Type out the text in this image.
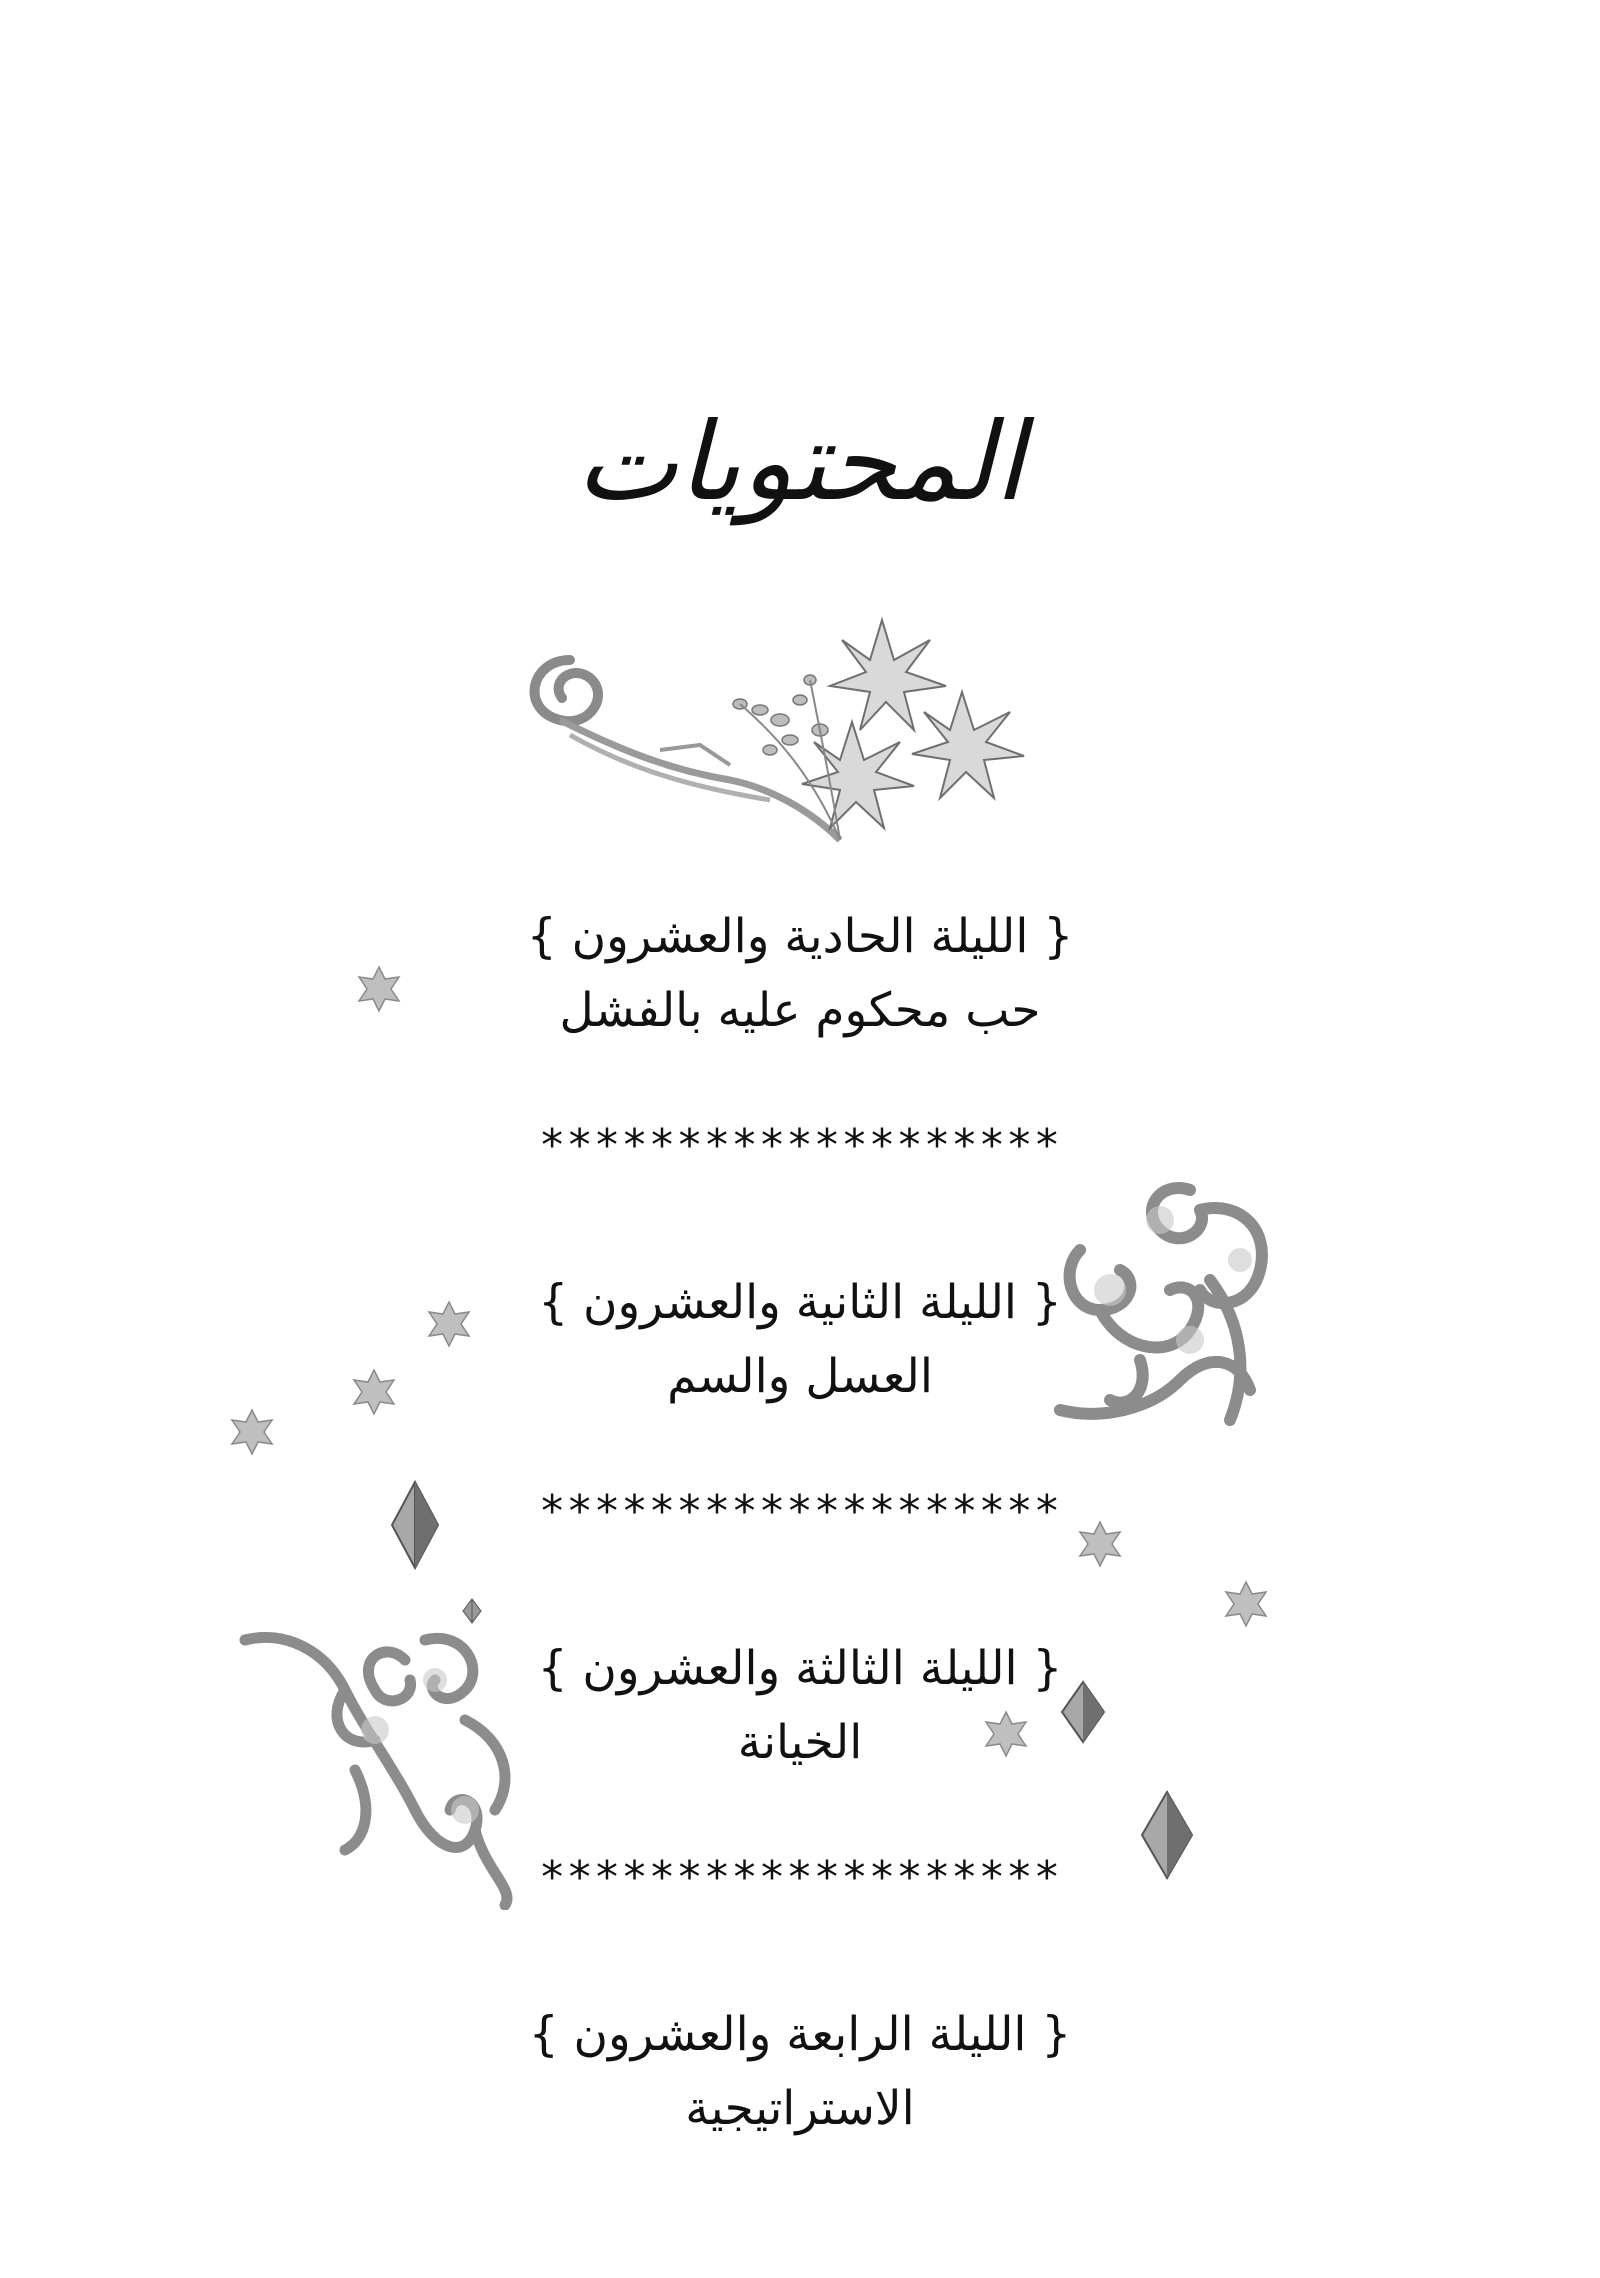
المحتويات
{ الليلة الحادية والعشرون }
حب محكوم عليه بالفشل
*******************
{ الليلة الثانية والعشرون }
العسل والسم
*******************
{ الليلة الثالثة والعشرون }
الخيانة
*******************
{ الليلة الرابعة والعشرون }
الاستراتيجية
